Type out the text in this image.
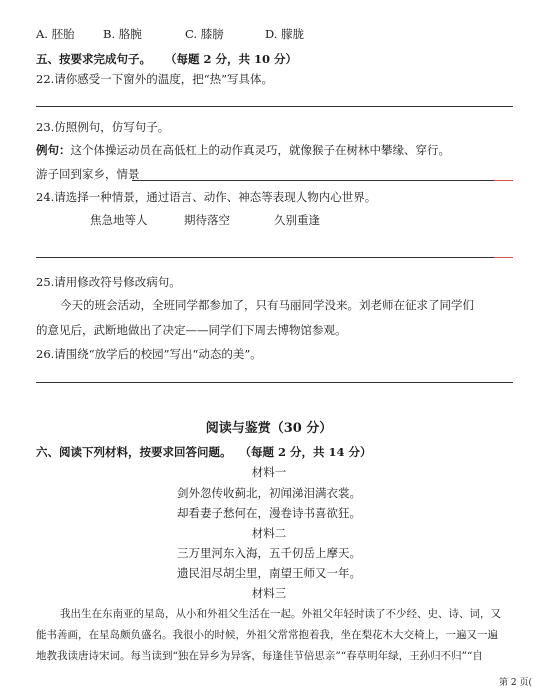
A. 胚胎 B. 胳腕	C. 膝膀	D. 朦胧
五、按要求完成句子。 （每题 2 分，共 10 分）
22.请你感受一下窗外的温度，把“热”写具体。
23.仿照例句，仿写句子。
例句：这个体操运动员在高低杠上的动作真灵巧，就像猴子在树林中攀缘、穿行。
游子回到家乡，情景
24.请选择一种情景，通过语言、动作、神态等表现人物内心世界。
焦急地等人	期待落空	久别重逢
25.请用修改符号修改病句。
今天的班会活动，全班同学都参加了，只有马丽同学没来。刘老师在征求了同学们
的意见后，武断地做出了决定——同学们下周去博物馆参观。
26.请围绕“放学后的校园”写出“动态的美”。
阅读与鉴赏（30 分）
六、阅读下列材料，按要求回答问题。 （每题 2 分，共 14 分）
材料一
剑外忽传收蓟北，初闻涕泪满衣裳。
却看妻子愁何在，漫卷诗书喜欲狂。
材料二
三万里河东入海，五千仞岳上摩天。
遗民泪尽胡尘里，南望王师又一年。
材料三
我出生在东南亚的星岛，从小和外祖父生活在一起。外祖父年轻时读了不少经、史、诗、词，又
能书善画，在星岛颇负盛名。我很小的时候，外祖父常常抱着我，坐在梨花木大交椅上，一遍又一遍
地教我读唐诗宋词。每当读到“独在异乡为异客，每逢佳节倍思亲”“春草明年绿，王孙归不归”“自
第 2 页(
